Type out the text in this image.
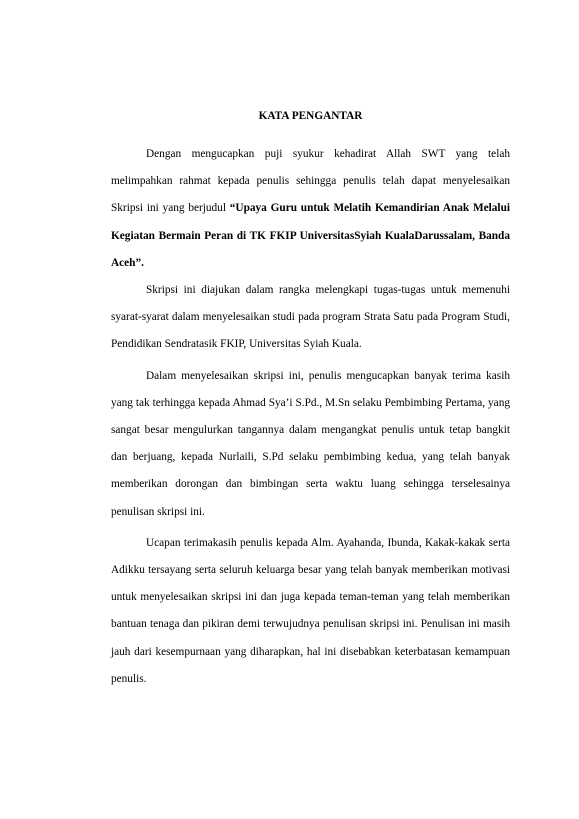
KATA PENGANTAR

Dengan mengucapkan puji syukur kehadirat Allah SWT yang telah melimpahkan rahmat kepada penulis sehingga penulis telah dapat menyelesaikan Skripsi ini yang berjudul “Upaya Guru untuk Melatih Kemandirian Anak Melalui Kegiatan Bermain Peran di TK FKIP UniversitasSyiah KualaDarussalam, Banda Aceh”.

Skripsi ini diajukan dalam rangka melengkapi tugas-tugas untuk memenuhi syarat-syarat dalam menyelesaikan studi pada program Strata Satu pada Program Studi, Pendidikan Sendratasik FKIP, Universitas Syiah Kuala.

Dalam menyelesaikan skripsi ini, penulis mengucapkan banyak terima kasih yang tak terhingga kepada Ahmad Sya’i S.Pd., M.Sn selaku Pembimbing Pertama, yang sangat besar mengulurkan tangannya dalam mengangkat penulis untuk tetap bangkit dan berjuang, kepada Nurlaili, S.Pd selaku pembimbing kedua, yang telah banyak memberikan dorongan dan bimbingan serta waktu luang sehingga terselesainya penulisan skripsi ini.

Ucapan terimakasih penulis kepada Alm. Ayahanda, Ibunda, Kakak-kakak serta Adikku tersayang serta seluruh keluarga besar yang telah banyak memberikan motivasi untuk menyelesaikan skripsi ini dan juga kepada teman-teman yang telah memberikan bantuan tenaga dan pikiran demi terwujudnya penulisan skripsi ini. Penulisan ini masih jauh dari kesempurnaan yang diharapkan, hal ini disebabkan keterbatasan kemampuan penulis.
